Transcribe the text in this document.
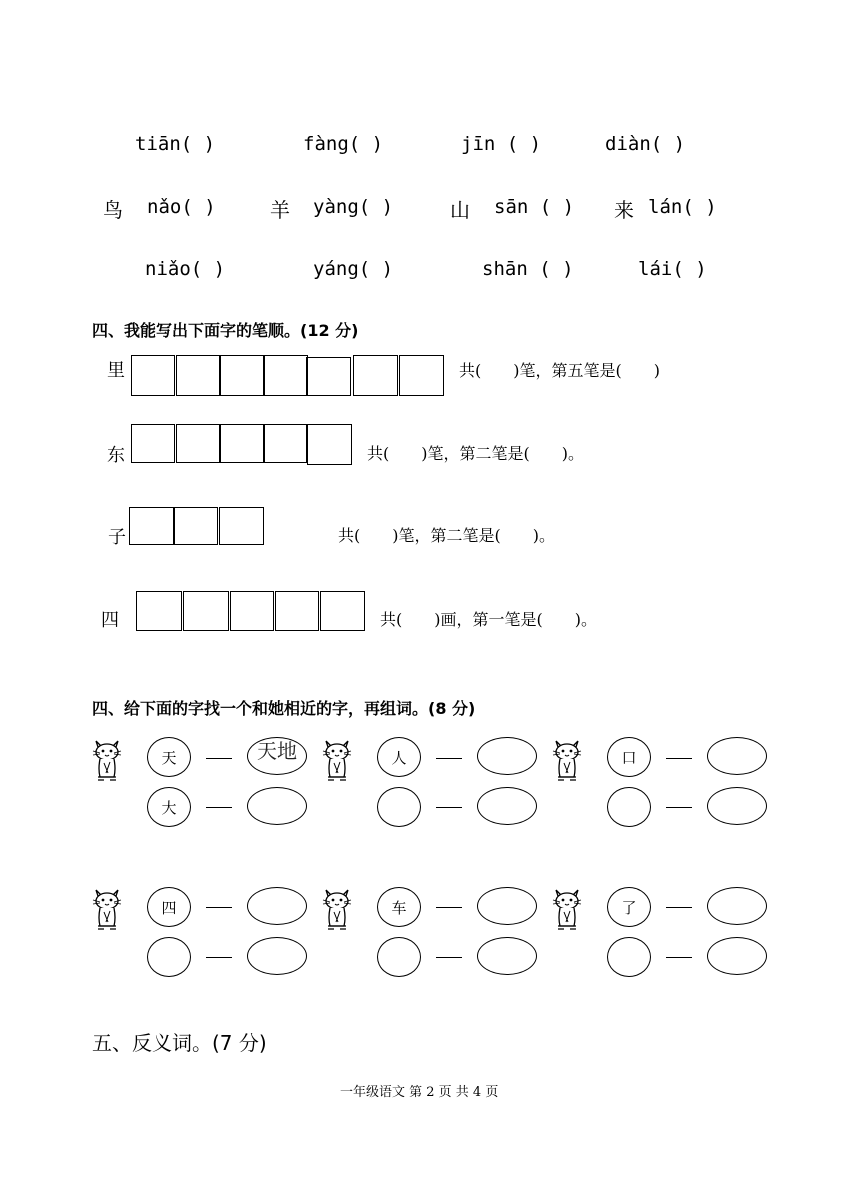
tiān( )	fàng( )	jīn ( )	diàn( )
鸟 nǎo( )	羊 yàng( )	山 sān ( ) 来 lán( )
niǎo( )	yáng( )	shān ( )	lái( )
四、我能写出下面字的笔顺。(12 分)
里	共(　　)笔，第五笔是(　　)
东	共(　　)笔，第二笔是(　　)。
子	共(　　)笔，第二笔是(　　)。
四	共(　　)画，第一笔是(　　)。
四、给下面的字找一个和她相近的字，再组词。(8 分)
天	天地	人	口
大
四	车	了
五、反义词。(7 分)
一年级语文 第 2 页 共 4 页
